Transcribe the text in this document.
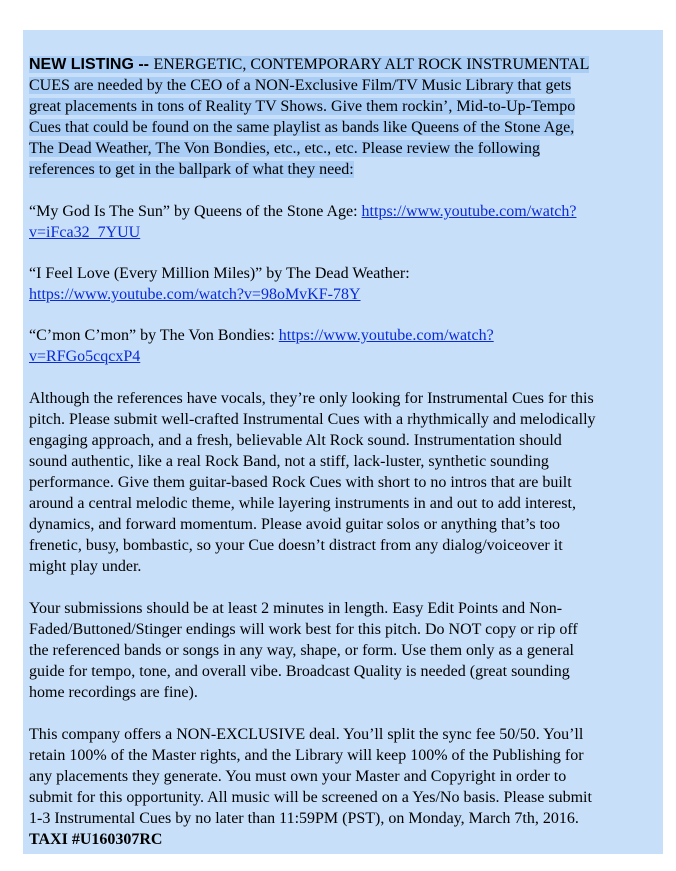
NEW LISTING -- ENERGETIC, CONTEMPORARY ALT ROCK INSTRUMENTAL
CUES are needed by the CEO of a NON-Exclusive Film/TV Music Library that gets
great placements in tons of Reality TV Shows. Give them rockin’, Mid-to-Up-Tempo
Cues that could be found on the same playlist as bands like Queens of the Stone Age,
The Dead Weather, The Von Bondies, etc., etc., etc. Please review the following
references to get in the ballpark of what they need:
“My God Is The Sun” by Queens of the Stone Age: https://www.youtube.com/watch?
v=iFca32_7YUU
“I Feel Love (Every Million Miles)” by The Dead Weather:
https://www.youtube.com/watch?v=98oMvKF-78Y
“C’mon C’mon” by The Von Bondies: https://www.youtube.com/watch?
v=RFGo5cqcxP4
Although the references have vocals, they’re only looking for Instrumental Cues for this
pitch. Please submit well-crafted Instrumental Cues with a rhythmically and melodically
engaging approach, and a fresh, believable Alt Rock sound. Instrumentation should
sound authentic, like a real Rock Band, not a stiff, lack-luster, synthetic sounding
performance. Give them guitar-based Rock Cues with short to no intros that are built
around a central melodic theme, while layering instruments in and out to add interest,
dynamics, and forward momentum. Please avoid guitar solos or anything that’s too
frenetic, busy, bombastic, so your Cue doesn’t distract from any dialog/voiceover it
might play under.
Your submissions should be at least 2 minutes in length. Easy Edit Points and Non-
Faded/Buttoned/Stinger endings will work best for this pitch. Do NOT copy or rip off
the referenced bands or songs in any way, shape, or form. Use them only as a general
guide for tempo, tone, and overall vibe. Broadcast Quality is needed (great sounding
home recordings are fine).
This company offers a NON-EXCLUSIVE deal. You’ll split the sync fee 50/50. You’ll
retain 100% of the Master rights, and the Library will keep 100% of the Publishing for
any placements they generate. You must own your Master and Copyright in order to
submit for this opportunity. All music will be screened on a Yes/No basis. Please submit
1-3 Instrumental Cues by no later than 11:59PM (PST), on Monday, March 7th, 2016.
TAXI #U160307RC
